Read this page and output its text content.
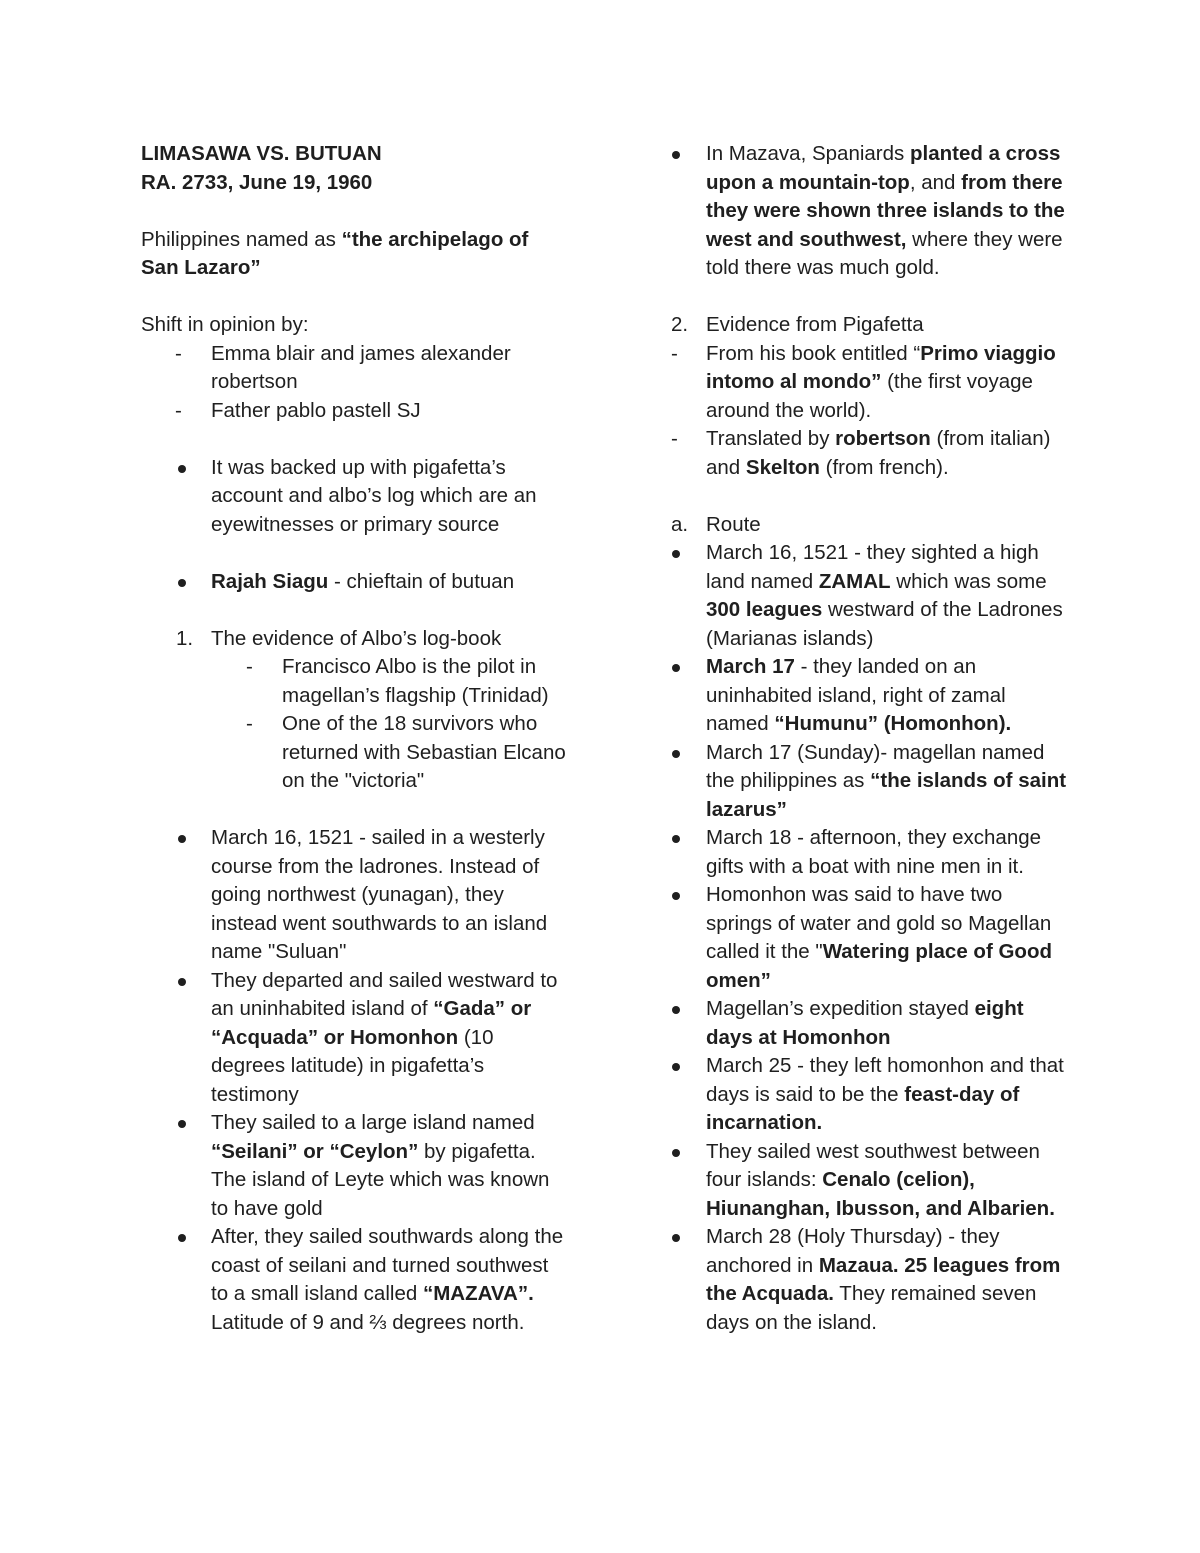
LIMASAWA VS. BUTUAN
RA. 2733, June 19, 1960
Philippines named as “the archipelago of San Lazaro”
Shift in opinion by:
- Emma blair and james alexander robertson
- Father pablo pastell SJ
It was backed up with pigafetta’s account and albo’s log which are an eyewitnesses or primary source
Rajah Siagu - chieftain of butuan
1. The evidence of Albo’s log-book
- Francisco Albo is the pilot in magellan’s flagship (Trinidad)
- One of the 18 survivors who returned with Sebastian Elcano on the "victoria"
March 16, 1521 - sailed in a westerly course from the ladrones. Instead of going northwest (yunagan), they instead went southwards to an island name "Suluan"
They departed and sailed westward to an uninhabited island of “Gada” or “Acquada” or Homonhon (10 degrees latitude) in pigafetta’s testimony
They sailed to a large island named “Seilani” or “Ceylon” by pigafetta. The island of Leyte which was known to have gold
After, they sailed southwards along the coast of seilani and turned southwest to a small island called “MAZAVA”. Latitude of 9 and ⅔ degrees north.
In Mazava, Spaniards planted a cross upon a mountain-top, and from there they were shown three islands to the west and southwest, where they were told there was much gold.
2. Evidence from Pigafetta
- From his book entitled “Primo viaggio intomo al mondo” (the first voyage around the world).
- Translated by robertson (from italian) and Skelton (from french).
a. Route
March 16, 1521 - they sighted a high land named ZAMAL which was some 300 leagues westward of the Ladrones (Marianas islands)
March 17 - they landed on an uninhabited island, right of zamal named “Humunu” (Homonhon).
March 17 (Sunday)- magellan named the philippines as “the islands of saint lazarus”
March 18 - afternoon, they exchange gifts with a boat with nine men in it.
Homonhon was said to have two springs of water and gold so Magellan called it the "Watering place of Good omen”
Magellan’s expedition stayed eight days at Homonhon
March 25 - they left homonhon and that days is said to be the feast-day of incarnation.
They sailed west southwest between four islands: Cenalo (celion), Hiunanghan, Ibusson, and Albarien.
March 28 (Holy Thursday) - they anchored in Mazaua. 25 leagues from the Acquada. They remained seven days on the island.
